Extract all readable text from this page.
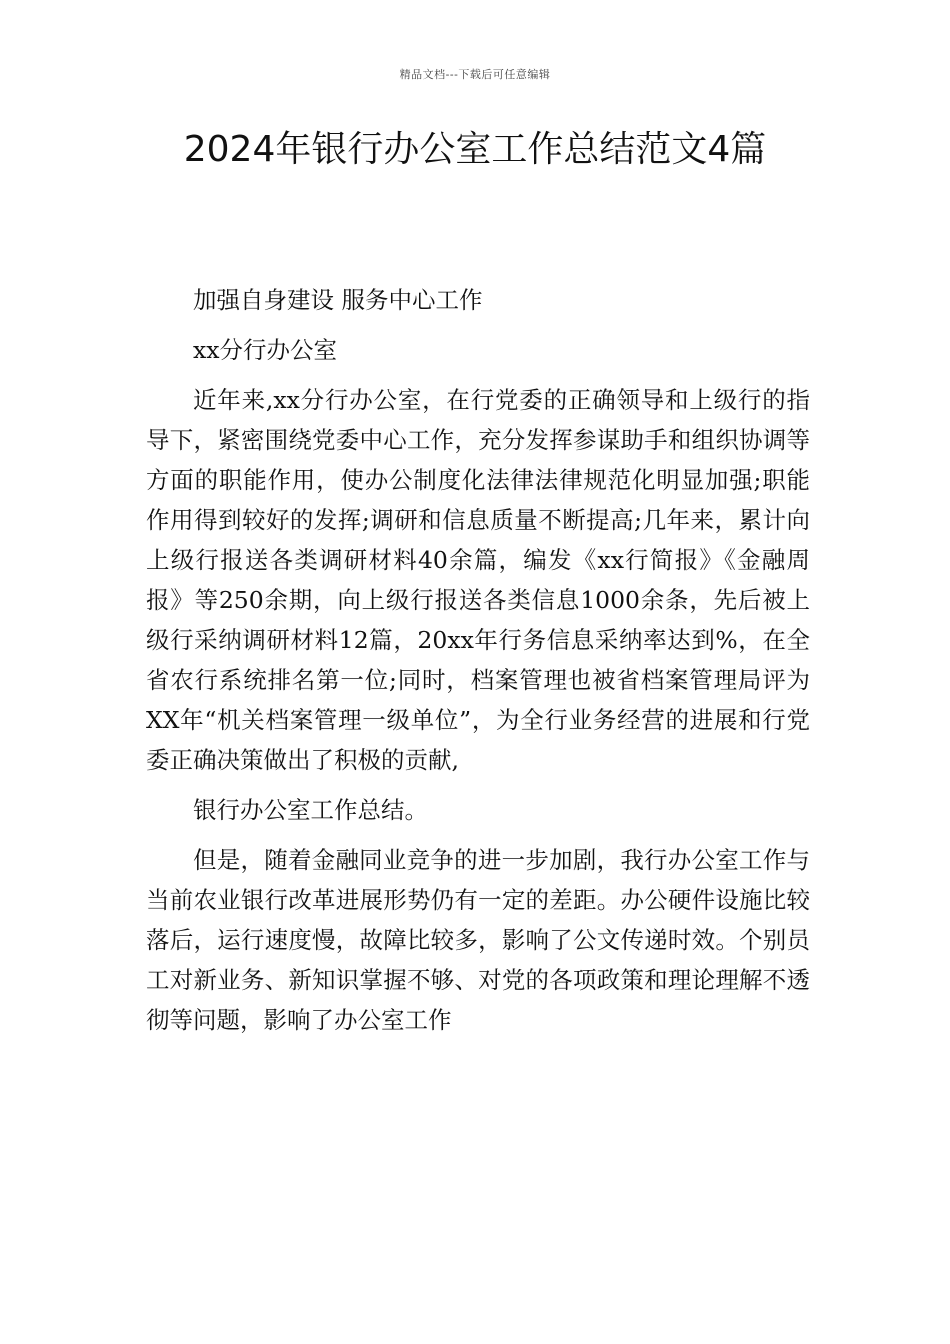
精品文档---下载后可任意编辑
2024年银行办公室工作总结范文4篇

加强自身建设 服务中心工作

xx分行办公室

近年来,xx分行办公室，在行党委的正确领导和上级行的指导下，紧密围绕党委中心工作，充分发挥参谋助手和组织协调等方面的职能作用，使办公制度化法律法律规范化明显加强;职能作用得到较好的发挥;调研和信息质量不断提高;几年来，累计向上级行报送各类调研材料40余篇，编发《xx行简报》《金融周报》等250余期，向上级行报送各类信息1000余条，先后被上级行采纳调研材料12篇，20xx年行务信息采纳率达到%，在全省农行系统排名第一位;同时，档案管理也被省档案管理局评为XX年“机关档案管理一级单位”，为全行业务经营的进展和行党委正确决策做出了积极的贡献,

银行办公室工作总结。

但是，随着金融同业竞争的进一步加剧，我行办公室工作与当前农业银行改革进展形势仍有一定的差距。办公硬件设施比较落后，运行速度慢，故障比较多，影响了公文传递时效。个别员工对新业务、新知识掌握不够、对党的各项政策和理论理解不透彻等问题，影响了办公室工作
